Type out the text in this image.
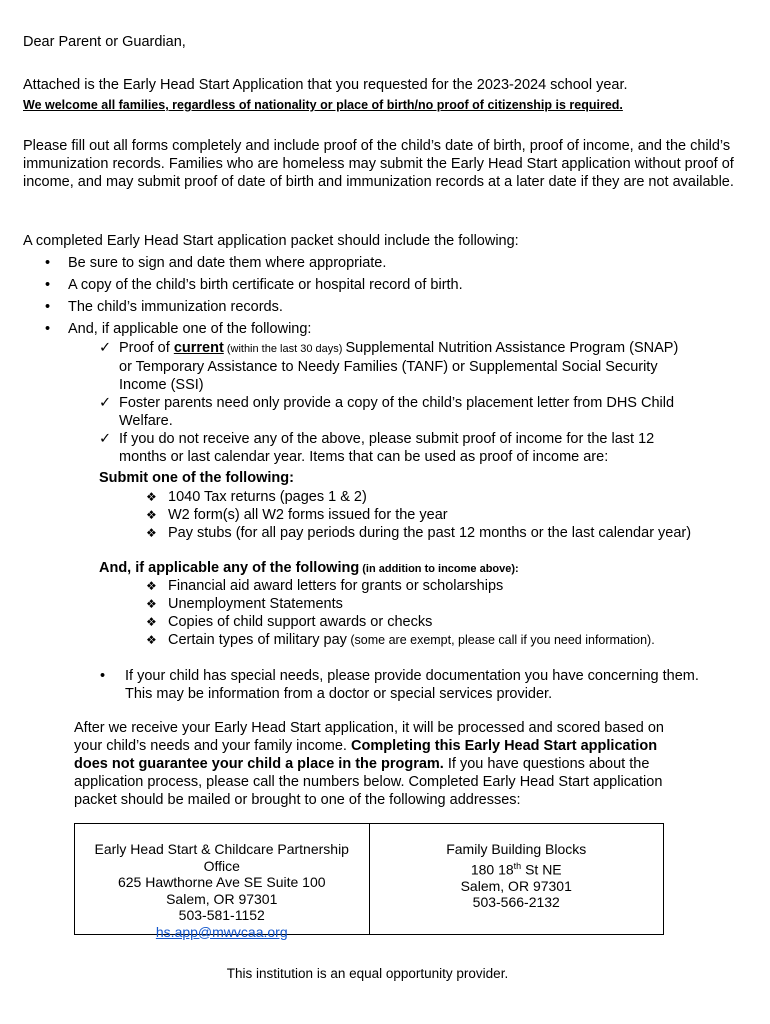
Dear Parent or Guardian,

Attached is the Early Head Start Application that you requested for the 2023-2024 school year.

We welcome all families, regardless of nationality or place of birth/no proof of citizenship is required.

Please fill out all forms completely and include proof of the child’s date of birth, proof of income, and the child’s immunization records. Families who are homeless may submit the Early Head Start application without proof of income, and may submit proof of date of birth and immunization records at a later date if they are not available.

A completed Early Head Start application packet should include the following:

• Be sure to sign and date them where appropriate.
• A copy of the child’s birth certificate or hospital record of birth.
• The child’s immunization records.
• And, if applicable one of the following:
✓ Proof of current (within the last 30 days) Supplemental Nutrition Assistance Program (SNAP) or Temporary Assistance to Needy Families (TANF) or Supplemental Social Security Income (SSI)
✓ Foster parents need only provide a copy of the child’s placement letter from DHS Child Welfare.
✓ If you do not receive any of the above, please submit proof of income for the last 12 months or last calendar year. Items that can be used as proof of income are:

Submit one of the following:

❖ 1040 Tax returns (pages 1 & 2)
❖ W2 form(s) all W2 forms issued for the year
❖ Pay stubs (for all pay periods during the past 12 months or the last calendar year)

And, if applicable any of the following (in addition to income above):

❖ Financial aid award letters for grants or scholarships
❖ Unemployment Statements
❖ Copies of child support awards or checks
❖ Certain types of military pay (some are exempt, please call if you need information).

• If your child has special needs, please provide documentation you have concerning them. This may be information from a doctor or special services provider.

After we receive your Early Head Start application, it will be processed and scored based on your child’s needs and your family income. Completing this Early Head Start application does not guarantee your child a place in the program. If you have questions about the application process, please call the numbers below. Completed Early Head Start application packet should be mailed or brought to one of the following addresses:

Early Head Start & Childcare Partnership Office
625 Hawthorne Ave SE Suite 100
Salem, OR 97301
503-581-1152
hs.app@mwvcaa.org
Family Building Blocks
180 18th St NE
Salem, OR 97301
503-566-2132

This institution is an equal opportunity provider.
